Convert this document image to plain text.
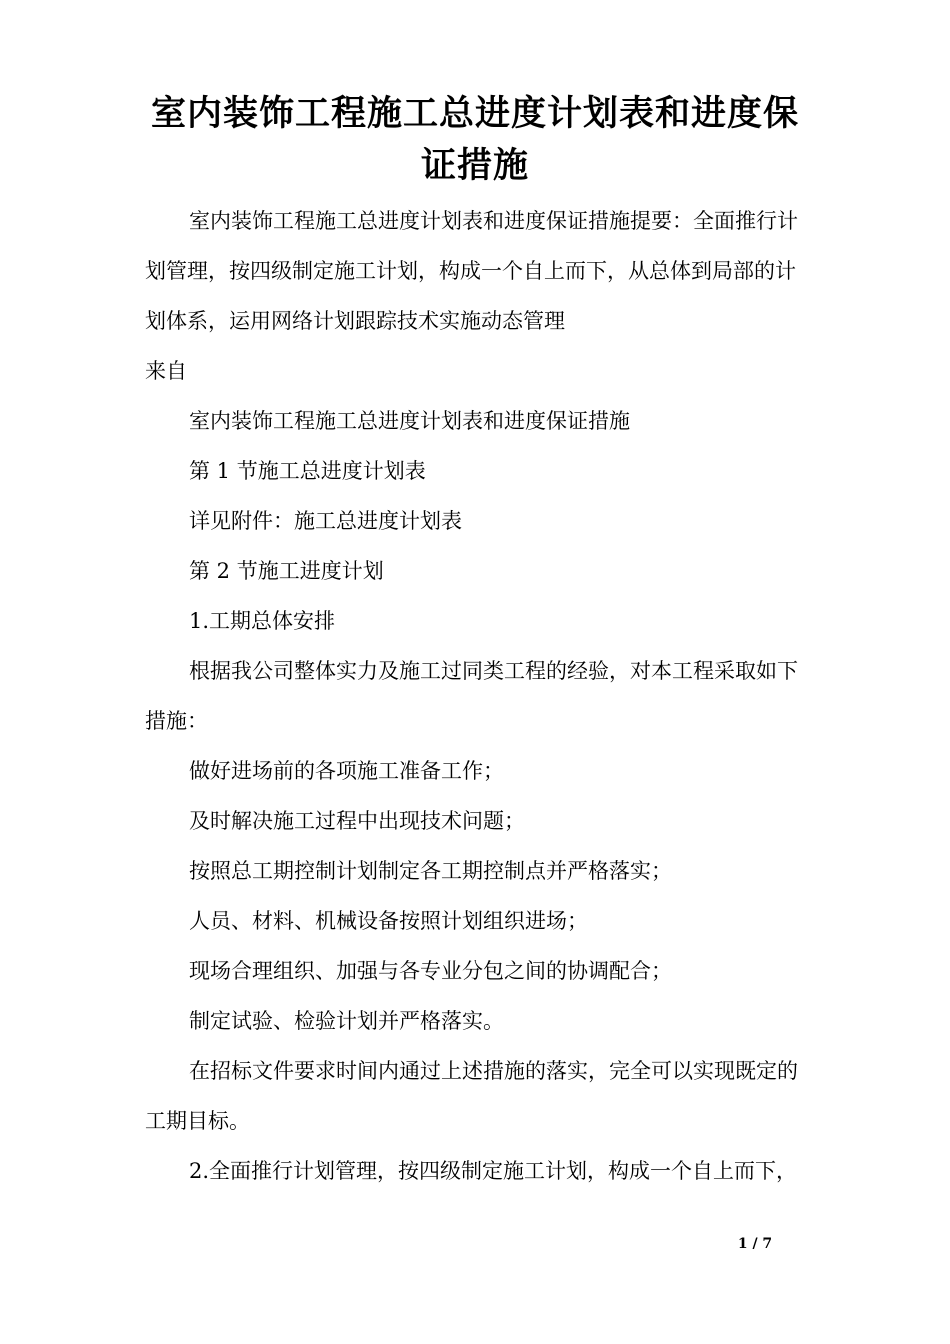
室内装饰工程施工总进度计划表和进度保证措施

室内装饰工程施工总进度计划表和进度保证措施提要：全面推行计划管理，按四级制定施工计划，构成一个自上而下，从总体到局部的计划体系，运用网络计划跟踪技术实施动态管理

来自

室内装饰工程施工总进度计划表和进度保证措施

第 1 节施工总进度计划表

详见附件：施工总进度计划表

第 2 节施工进度计划

1.工期总体安排

根据我公司整体实力及施工过同类工程的经验，对本工程采取如下措施：

做好进场前的各项施工准备工作；

及时解决施工过程中出现技术问题；

按照总工期控制计划制定各工期控制点并严格落实；

人员、材料、机械设备按照计划组织进场；

现场合理组织、加强与各专业分包之间的协调配合；

制定试验、检验计划并严格落实。

在招标文件要求时间内通过上述措施的落实，完全可以实现既定的工期目标。

2.全面推行计划管理，按四级制定施工计划，构成一个自上而下，

1 / 7
